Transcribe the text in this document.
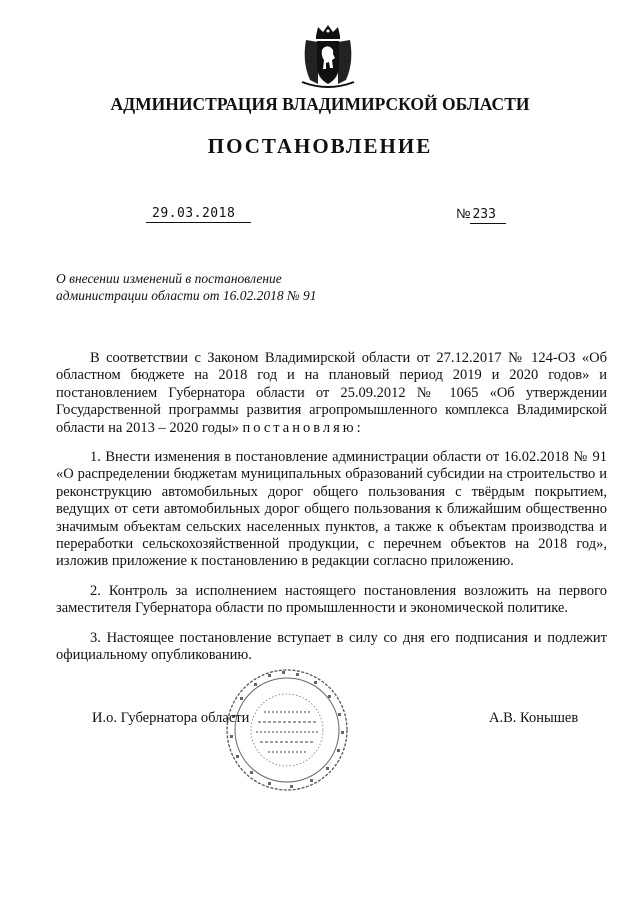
АДМИНИСТРАЦИЯ ВЛАДИМИРСКОЙ ОБЛАСТИ
ПОСТАНОВЛЕНИЕ
29.03.2018	№ 233
О внесении изменений в постановление
администрации области от 16.02.2018 № 91

В соответствии с Законом Владимирской области от 27.12.2017 № 124-ОЗ «Об областном бюджете на 2018 год и на плановый период 2019 и 2020 годов» и постановлением Губернатора области от 25.09.2012 № 1065 «Об утверждении Государственной программы развития агропромышленного комплекса Владимирской области на 2013 – 2020 годы» постановляю:

1. Внести изменения в постановление администрации области от 16.02.2018 № 91 «О распределении бюджетам муниципальных образований субсидии на строительство и реконструкцию автомобильных дорог общего пользования с твёрдым покрытием, ведущих от сети автомобильных дорог общего пользования к ближайшим общественно значимым объектам сельских населенных пунктов, а также к объектам производства и переработки сельскохозяйственной продукции, с перечнем объектов на 2018 год», изложив приложение к постановлению в редакции согласно приложению.

2. Контроль за исполнением настоящего постановления возложить на первого заместителя Губернатора области по промышленности и экономической политике.

3. Настоящее постановление вступает в силу со дня его подписания и подлежит официальному опубликованию.

И.о. Губернатора области	А.В. Конышев
